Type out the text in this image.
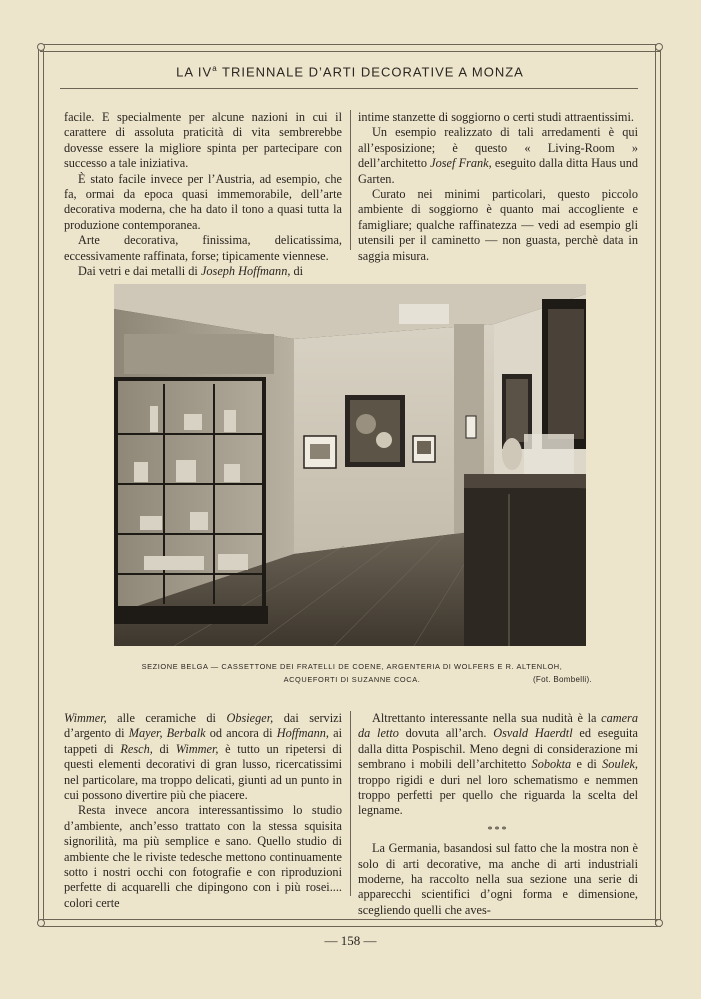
LA $IV^a$ TRIENNALE D’ARTI DECORATIVE A MONZA

facile. E specialmente per alcune nazioni in cui il carattere di assoluta praticità di vita sembrerebbe dovesse essere la migliore spinta per partecipare con successo a tale iniziativa.

È stato facile invece per l’Austria, ad esempio, che fa, ormai da epoca quasi immemorabile, dell’arte decorativa moderna, che ha dato il tono a quasi tutta la produzione contemporanea.

Arte decorativa, finissima, delicatissima, eccessivamente raffinata, forse; tipicamente viennese.

Dai vetri e dai metalli di Joseph Hoffmann, di

intime stanzette di soggiorno o certi studi attraentissimi.

Un esempio realizzato di tali arredamenti è qui all’esposizione; è questo « Living-Room » dell’architetto Josef Frank, eseguito dalla ditta Haus und Garten.

Curato nei minimi particolari, questo piccolo ambiente di soggiorno è quanto mai accogliente e famigliare; qualche raffinatezza — vedi ad esempio gli utensili per il caminetto — non guasta, perchè data in saggia misura.

SEZIONE BELGA — CASSETTONE DEI FRATELLI DE COENE, ARGENTERIA DI WOLFERS E R. ALTENLOH,
ACQUEFORTI DI SUZANNE COCA.	(Fot. Bombelli).

Wimmer, alle ceramiche di Obsieger, dai servizi d’argento di Mayer, Berbalk od ancora di Hoffmann, ai tappeti di Resch, di Wimmer, è tutto un ripetersi di questi elementi decorativi di gran lusso, ricercatissimi nel particolare, ma troppo delicati, giunti ad un punto in cui possono divertire più che piacere.

Resta invece ancora interessantissimo lo studio d’ambiente, anch’esso trattato con la stessa squisita signorilità, ma più semplice e sano. Quello studio di ambiente che le riviste tedesche mettono continuamente sotto i nostri occhi con fotografie e con riproduzioni perfette di acquarelli che dipingono con i più rosei.... colori certe

Altrettanto interessante nella sua nudità è la camera da letto dovuta all’arch. Osvald Haerdtl ed eseguita dalla ditta Pospischil. Meno degni di considerazione mi sembrano i mobili dell’architetto Sobokta e di Soulek, troppo rigidi e duri nel loro schematismo e nemmen troppo perfetti per quello che riguarda la scelta del legname.

***

La Germania, basandosi sul fatto che la mostra non è solo di arti decorative, ma anche di arti industriali moderne, ha raccolto nella sua sezione una serie di apparecchi scientifici d’ogni forma e dimensione, scegliendo quelli che aves-

— 158 —
